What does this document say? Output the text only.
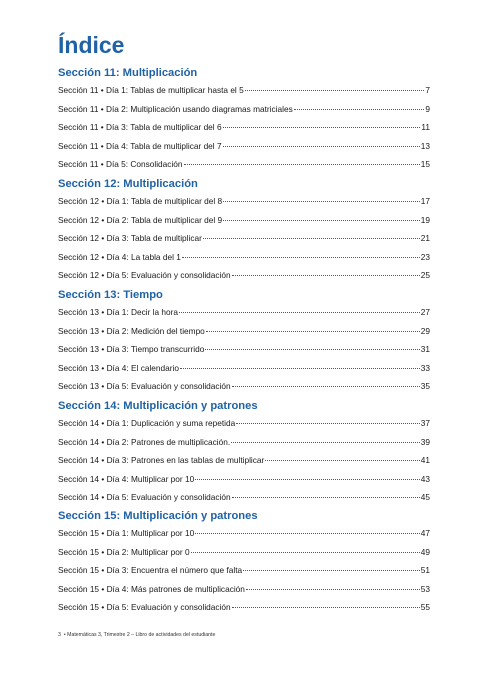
Índice
Sección 11: Multiplicación
Sección 11 • Día 1: Tablas de multiplicar hasta el 5	7
Sección 11 • Día 2: Multiplicación usando diagramas matriciales	9
Sección 11 • Día 3: Tabla de multiplicar del 6	11
Sección 11 • Día 4: Tabla de multiplicar del 7	13
Sección 11 • Día 5: Consolidación	15
Sección 12: Multiplicación
Sección 12 • Día 1: Tabla de multiplicar del 8	17
Sección 12 • Día 2: Tabla de multiplicar del 9	19
Sección 12 • Día 3: Tabla de multiplicar	21
Sección 12 • Día 4: La tabla del 1	23
Sección 12 • Día 5: Evaluación y consolidación	25
Sección 13: Tiempo
Sección 13 • Día 1: Decir la hora	27
Sección 13 • Día 2: Medición del tiempo	29
Sección 13 • Día 3: Tiempo transcurrido	31
Sección 13 • Día 4: El calendario	33
Sección 13 • Día 5: Evaluación y consolidación	35
Sección 14: Multiplicación y patrones
Sección 14 • Día 1: Duplicación y suma repetida	37
Sección 14 • Día 2: Patrones de multiplicación.	39
Sección 14 • Día 3: Patrones en las tablas de multiplicar	41
Sección 14 • Día 4: Multiplicar por 10	43
Sección 14 • Día 5: Evaluación y consolidación	45
Sección 15: Multiplicación y patrones
Sección 15 • Día 1: Multiplicar por 10	47
Sección 15 • Día 2: Multiplicar por 0	49
Sección 15 • Día 3: Encuentra el número que falta	51
Sección 15 • Día 4: Más patrones de multiplicación	53
Sección 15 • Día 5: Evaluación y consolidación	55
3 • Matemáticas 3, Trimestre 2 – Libro de actividades del estudiante
